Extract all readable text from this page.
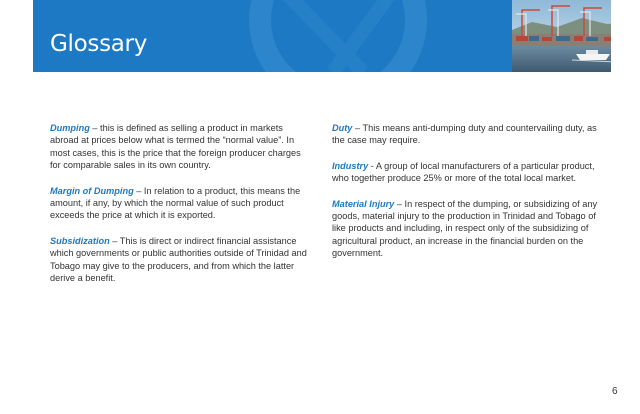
Glossary

Dumping – this is defined as selling a product in markets abroad at prices below what is termed the “normal value”. In most cases, this is the price that the foreign producer charges for comparable sales in its own country.

Margin of Dumping – In relation to a product, this means the amount, if any, by which the normal value of such product exceeds the price at which it is exported.

Subsidization – This is direct or indirect financial assistance which governments or public authorities outside of Trinidad and Tobago may give to the producers, and from which the latter derive a benefit.

Duty – This means anti-dumping duty and countervailing duty, as the case may require.

Industry - A group of local manufacturers of a particular product, who together produce 25% or more of the total local market.

Material Injury – In respect of the dumping, or subsidizing of any goods, material injury to the production in Trinidad and Tobago of like products and including, in respect only of the subsidizing of agricultural product, an increase in the financial burden on the government.

6
